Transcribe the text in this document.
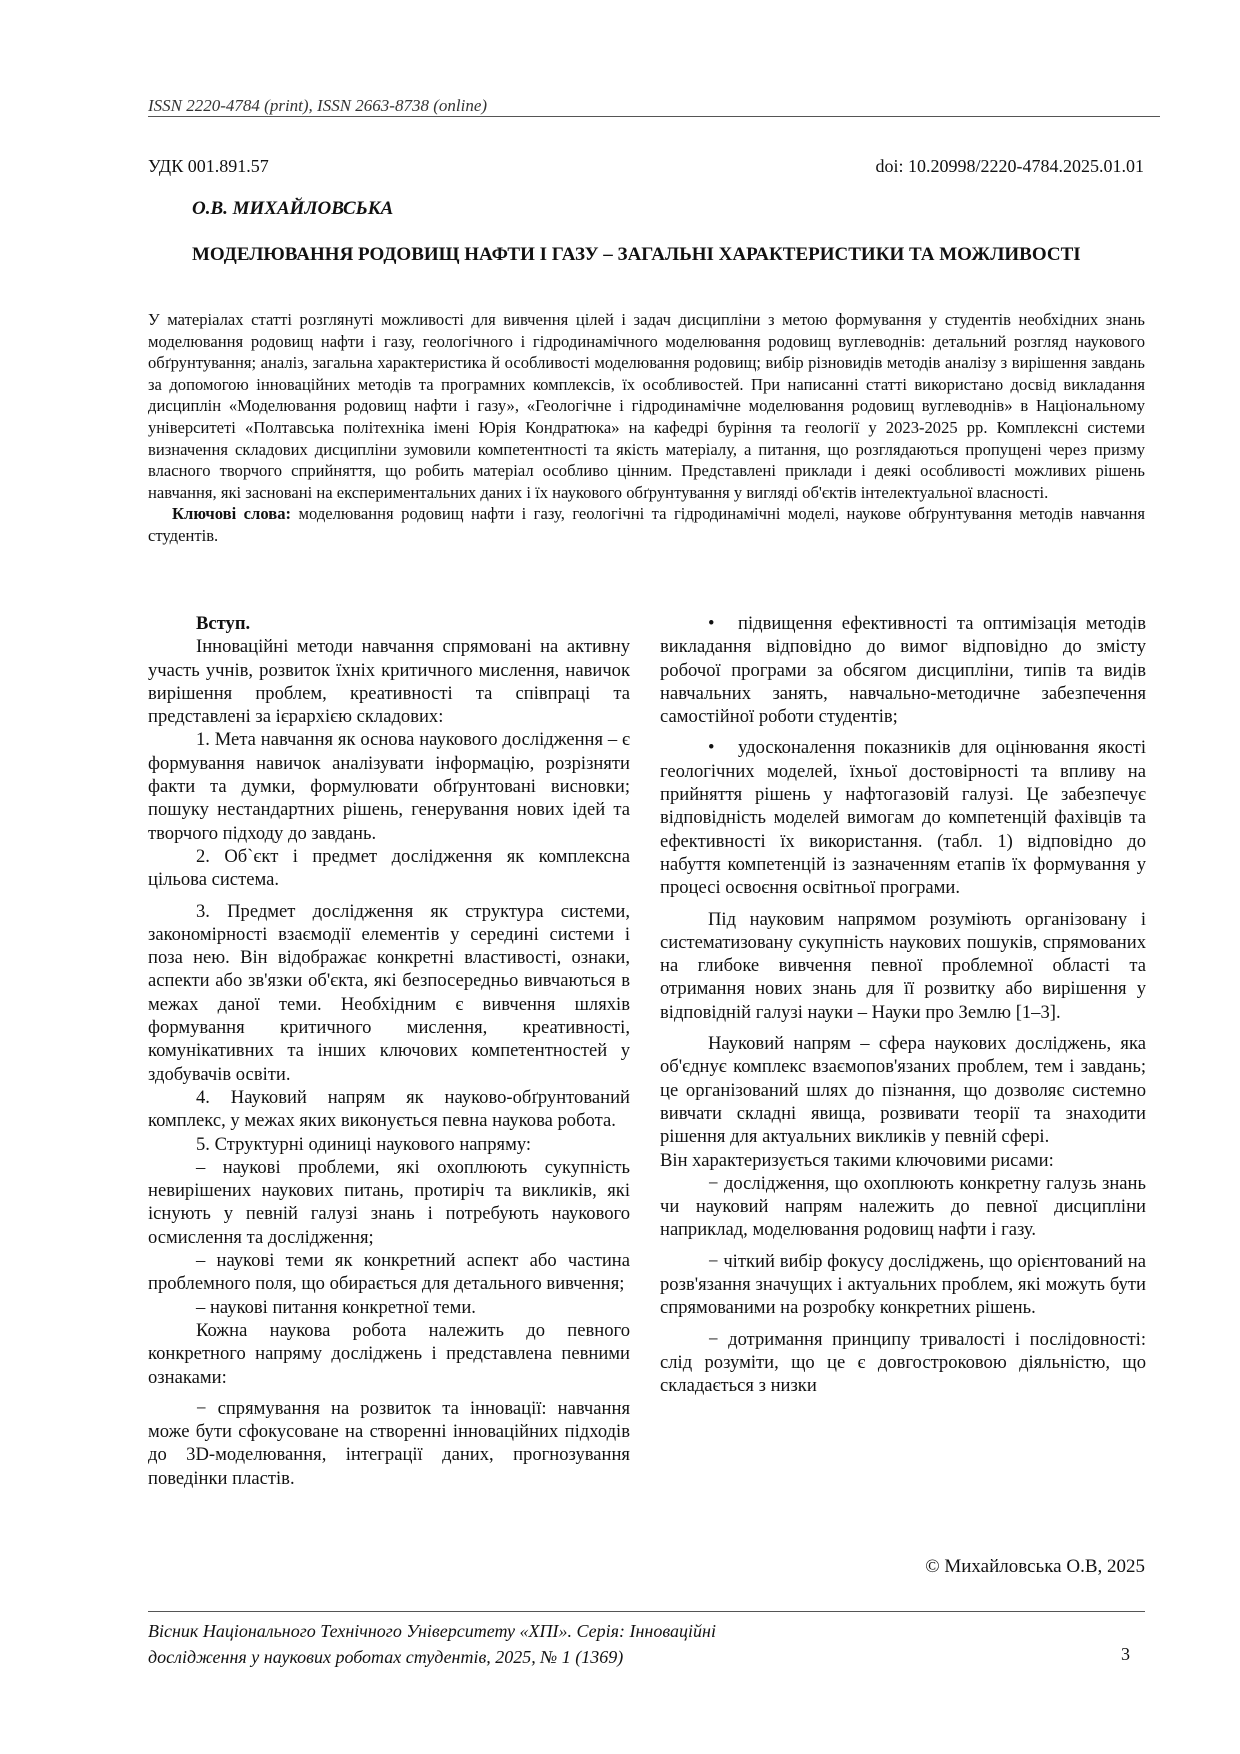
ISSN 2220-4784 (print), ISSN 2663-8738 (online)
УДК 001.891.57	doi: 10.20998/2220-4784.2025.01.01
О.В. МИХАЙЛОВСЬКА
МОДЕЛЮВАННЯ РОДОВИЩ НАФТИ І ГАЗУ – ЗАГАЛЬНІ ХАРАКТЕРИСТИКИ ТА МОЖЛИВОСТІ

У матеріалах статті розглянуті можливості для вивчення цілей і задач дисципліни з метою формування у студентів необхідних знань моделювання родовищ нафти і газу, геологічного і гідродинамічного моделювання родовищ вуглеводнів: детальний розгляд наукового обґрунтування; аналіз, загальна характеристика й особливості моделювання родовищ; вибір різновидів методів аналізу з вирішення завдань за допомогою інноваційних методів та програмних комплексів, їх особливостей. При написанні статті використано досвід викладання дисциплін «Моделювання родовищ нафти і газу», «Геологічне і гідродинамічне моделювання родовищ вуглеводнів» в Національному університеті «Полтавська політехніка імені Юрія Кондратюка» на кафедрі буріння та геології у 2023-2025 рр. Комплексні системи визначення складових дисципліни зумовили компетентності та якість матеріалу, а питання, що розглядаються пропущені через призму власного творчого сприйняття, що робить матеріал особливо цінним. Представлені приклади і деякі особливості можливих рішень навчання, які засновані на експериментальних даних і їх наукового обґрунтування у вигляді об'єктів інтелектуальної власності.

Ключові слова: моделювання родовищ нафти і газу, геологічні та гідродинамічні моделі, наукове обґрунтування методів навчання студентів.

Вступ.

Інноваційні методи навчання спрямовані на активну участь учнів, розвиток їхніх критичного мислення, навичок вирішення проблем, креативності та співпраці та представлені за ієрархією складових:

1. Мета навчання як основа наукового дослідження – є формування навичок аналізувати інформацію, розрізняти факти та думки, формулювати обґрунтовані висновки; пошуку нестандартних рішень, генерування нових ідей та творчого підходу до завдань.

2. Об`єкт і предмет дослідження як комплексна цільова система.

3. Предмет дослідження як структура системи, закономірності взаємодії елементів у середині системи і поза нею. Він відображає конкретні властивості, ознаки, аспекти або зв'язки об'єкта, які безпосередньо вивчаються в межах даної теми. Необхідним є вивчення шляхів формування критичного мислення, креативності, комунікативних та інших ключових компетентностей у здобувачів освіти.

4. Науковий напрям як науково-обґрунтований комплекс, у межах яких виконується певна наукова робота.

5. Структурні одиниці наукового напряму:

– наукові проблеми, які охоплюють сукупність невирішених наукових питань, протиріч та викликів, які існують у певній галузі знань і потребують наукового осмислення та дослідження;

– наукові теми як конкретний аспект або частина проблемного поля, що обирається для детального вивчення;

– наукові питання конкретної теми.

Кожна наукова робота належить до певного конкретного напряму досліджень і представлена певними ознаками:

− спрямування на розвиток та інновації: навчання може бути сфокусоване на створенні інноваційних підходів до 3D-моделювання, інтеграції даних, прогнозування поведінки пластів.

• підвищення ефективності та оптимізація методів викладання відповідно до вимог відповідно до змісту робочої програми за обсягом дисципліни, типів та видів навчальних занять, навчально-методичне забезпечення самостійної роботи студентів;

• удосконалення показників для оцінювання якості геологічних моделей, їхньої достовірності та впливу на прийняття рішень у нафтогазовій галузі. Це забезпечує відповідність моделей вимогам до компетенцій фахівців та ефективності їх використання. (табл. 1) відповідно до набуття компетенцій із зазначенням етапів їх формування у процесі освоєння освітньої програми.

Під науковим напрямом розуміють організовану і систематизовану сукупність наукових пошуків, спрямованих на глибоке вивчення певної проблемної області та отримання нових знань для її розвитку або вирішення у відповідній галузі науки – Науки про Землю [1–3].

Науковий напрям – сфера наукових досліджень, яка об'єднує комплекс взаємопов'язаних проблем, тем і завдань; це організований шлях до пізнання, що дозволяє системно вивчати складні явища, розвивати теорії та знаходити рішення для актуальних викликів у певній сфері.

Він характеризується такими ключовими рисами:

− дослідження, що охоплюють конкретну галузь знань чи науковий напрям належить до певної дисципліни наприклад, моделювання родовищ нафти і газу.

− чіткий вибір фокусу досліджень, що орієнтований на розв'язання значущих і актуальних проблем, які можуть бути спрямованими на розробку конкретних рішень.

− дотримання принципу тривалості і послідовності: слід розуміти, що це є довгостроковою діяльністю, що складається з низки

© Михайловська О.В, 2025
Вісник Національного Технічного Університету «ХПІ». Серія: Інноваційні
дослідження у наукових роботах студентів, 2025, № 1 (1369)	3
